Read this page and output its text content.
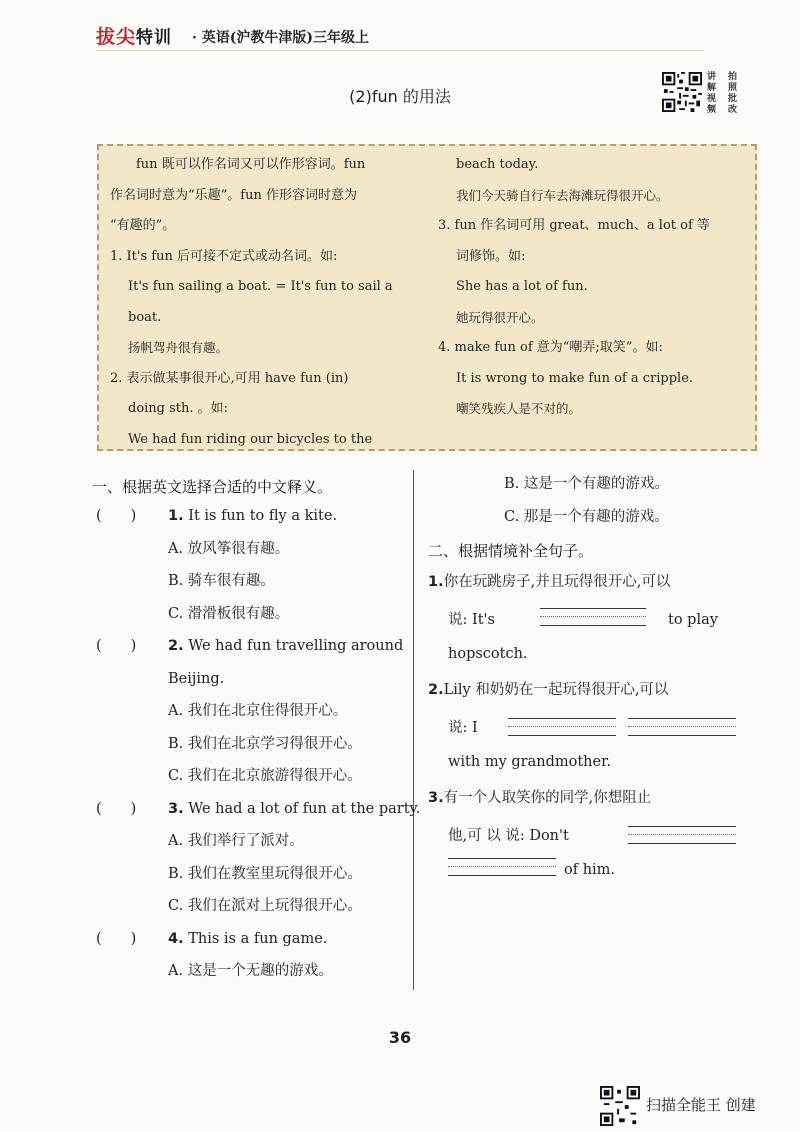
拔尖特训 · 英语(沪教牛津版)三年级上
(2)fun 的用法
讲	拍
解	照
视	批
频	改

　　fun 既可以作名词又可以作形容词。fun

作名词时意为“乐趣”。fun 作形容词时意为

“有趣的”。

1. It's fun 后可接不定式或动名词。如:

It's fun sailing a boat. = It's fun to sail a

boat.

扬帆驾舟很有趣。

2. 表示做某事很开心,可用 have fun (in)

doing sth. 。如:

We had fun riding our bicycles to the

beach today.

我们今天骑自行车去海滩玩得很开心。

3. fun 作名词可用 great、much、a lot of 等

词修饰。如:

She has a lot of fun.

她玩得很开心。

4. make fun of 意为“嘲弄;取笑”。如:

It is wrong to make fun of a cripple.

嘲笑残疾人是不对的。

一、根据英文选择合适的中文释义。

(　　) 1. It is fun to fly a kite.

A. 放风筝很有趣。

B. 骑车很有趣。

C. 滑滑板很有趣。

(　　) 2. We had fun travelling around

Beijing.

A. 我们在北京住得很开心。

B. 我们在北京学习得很开心。

C. 我们在北京旅游得很开心。

(　　) 3. We had a lot of fun at the party.

A. 我们举行了派对。

B. 我们在教室里玩得很开心。

C. 我们在派对上玩得很开心。

(　　) 4. This is a fun game.

A. 这是一个无趣的游戏。

B. 这是一个有趣的游戏。

C. 那是一个有趣的游戏。

二、根据情境补全句子。
1.你在玩跳房子,并且玩得很开心,可以
说: It's	to play
hopscotch.
2.Lily 和奶奶在一起玩得很开心,可以
说: I
with my grandmother.
3.有一个人取笑你的同学,你想阻止
他,可 以 说: Don't
of him.
36
扫描全能王 创建
